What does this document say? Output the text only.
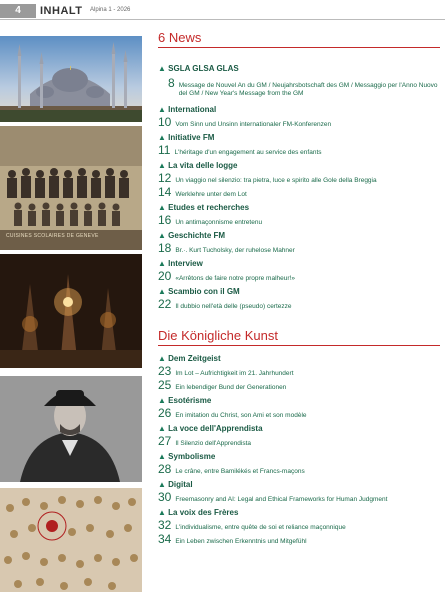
4	INHALT Alpina 1 - 2026
CUISINES SCOLAIRES DE GENEVE
6 News
▲ SGLA GLSA GLAS
8 Message de Nouvel An du GM / Neujahrsbotschaft des GM / Messaggio per l'Anno Nuovo del GM / New Year's Message from the GM
▲ International
10 Vom Sinn und Unsinn internationaler FM-Konferenzen
▲ Initiative FM
11 L'héritage d'un engagement au service des enfants
▲ La vita delle logge
12 Un viaggio nel silenzio: tra pietra, luce e spirito alle Gole della Breggia
14 Werklehre unter dem Lot
▲ Etudes et recherches
16 Un antimaçonnisme entretenu
▲ Geschichte FM
18 Br.·. Kurt Tucholsky, der ruhelose Mahner
▲ Interview
20 «Arrêtons de faire notre propre malheur!»
▲ Scambio con il GM
22 Il dubbio nell'età delle (pseudo) certezze
Die Königliche Kunst
▲ Dem Zeitgeist
23 Im Lot – Aufrichtigkeit im 21. Jahrhundert
25 Ein lebendiger Bund der Generationen
▲ Esotérisme
26 En imitation du Christ, son Ami et son modèle
▲ La voce dell'Apprendista
27 Il Silenzio dell'Apprendista
▲ Symbolisme
28 Le crâne, entre Bamilékés et Francs-maçons
▲ Digital
30 Freemasonry and AI: Legal and Ethical Frameworks for Human Judgment
▲ La voix des Frères
32 L'individualisme, entre quête de soi et reliance maçonnique
34 Ein Leben zwischen Erkenntnis und Mitgefühl
